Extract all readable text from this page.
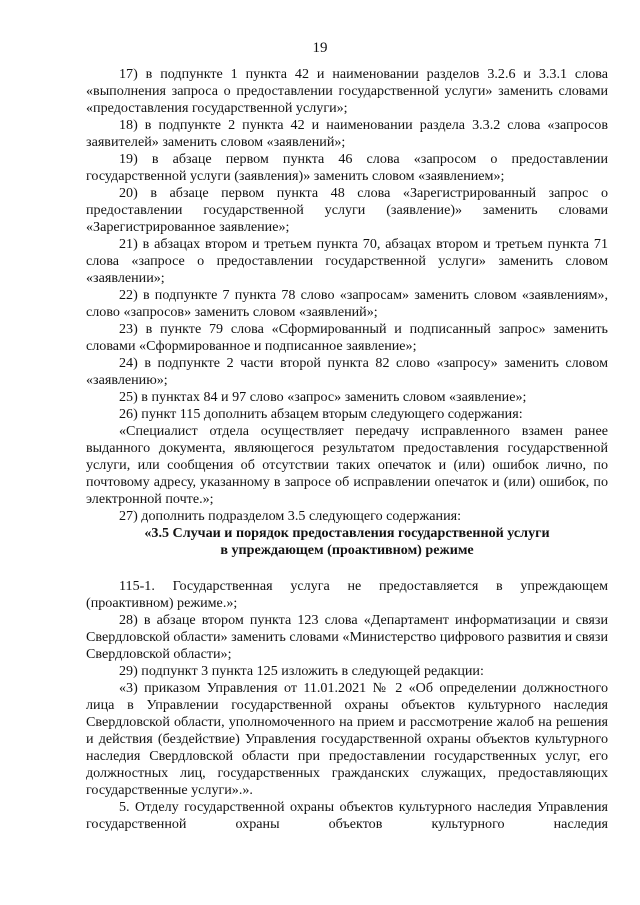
19

17) в подпункте 1 пункта 42 и наименовании разделов 3.2.6 и 3.3.1 слова «выполнения запроса о предоставлении государственной услуги» заменить словами «предоставления государственной услуги»;

18) в подпункте 2 пункта 42 и наименовании раздела 3.3.2 слова «запросов заявителей» заменить словом «заявлений»;

19) в абзаце первом пункта 46 слова «запросом о предоставлении государственной услуги (заявления)» заменить словом «заявлением»;

20) в абзаце первом пункта 48 слова «Зарегистрированный запрос о предоставлении государственной услуги (заявление)» заменить словами «Зарегистрированное заявление»;

21) в абзацах втором и третьем пункта 70, абзацах втором и третьем пункта 71 слова «запросе о предоставлении государственной услуги» заменить словом «заявлении»;

22) в подпункте 7 пункта 78 слово «запросам» заменить словом «заявлениям», слово «запросов» заменить словом «заявлений»;

23) в пункте 79 слова «Сформированный и подписанный запрос» заменить словами «Сформированное и подписанное заявление»;

24) в подпункте 2 части второй пункта 82 слово «запросу» заменить словом «заявлению»;

25) в пунктах 84 и 97 слово «запрос» заменить словом «заявление»;

26) пункт 115 дополнить абзацем вторым следующего содержания:

«Специалист отдела осуществляет передачу исправленного взамен ранее выданного документа, являющегося результатом предоставления государственной услуги, или сообщения об отсутствии таких опечаток и (или) ошибок лично, по почтовому адресу, указанному в запросе об исправлении опечаток и (или) ошибок, по электронной почте.»;

27) дополнить подразделом 3.5 следующего содержания:

«3.5 Случаи и порядок предоставления государственной услуги

в упреждающем (проактивном) режиме

115-1. Государственная услуга не предоставляется в упреждающем (проактивном) режиме.»;

28) в абзаце втором пункта 123 слова «Департамент информатизации и связи Свердловской области» заменить словами «Министерство цифрового развития и связи Свердловской области»;

29) подпункт 3 пункта 125 изложить в следующей редакции:

«3) приказом Управления от 11.01.2021 № 2 «Об определении должностного лица в Управлении государственной охраны объектов культурного наследия Свердловской области, уполномоченного на прием и рассмотрение жалоб на решения и действия (бездействие) Управления государственной охраны объектов культурного наследия Свердловской области при предоставлении государственных услуг, его должностных лиц, государственных гражданских служащих, предоставляющих государственные услуги».».

5. Отделу государственной охраны объектов культурного наследия Управления государственной охраны объектов культурного наследия
